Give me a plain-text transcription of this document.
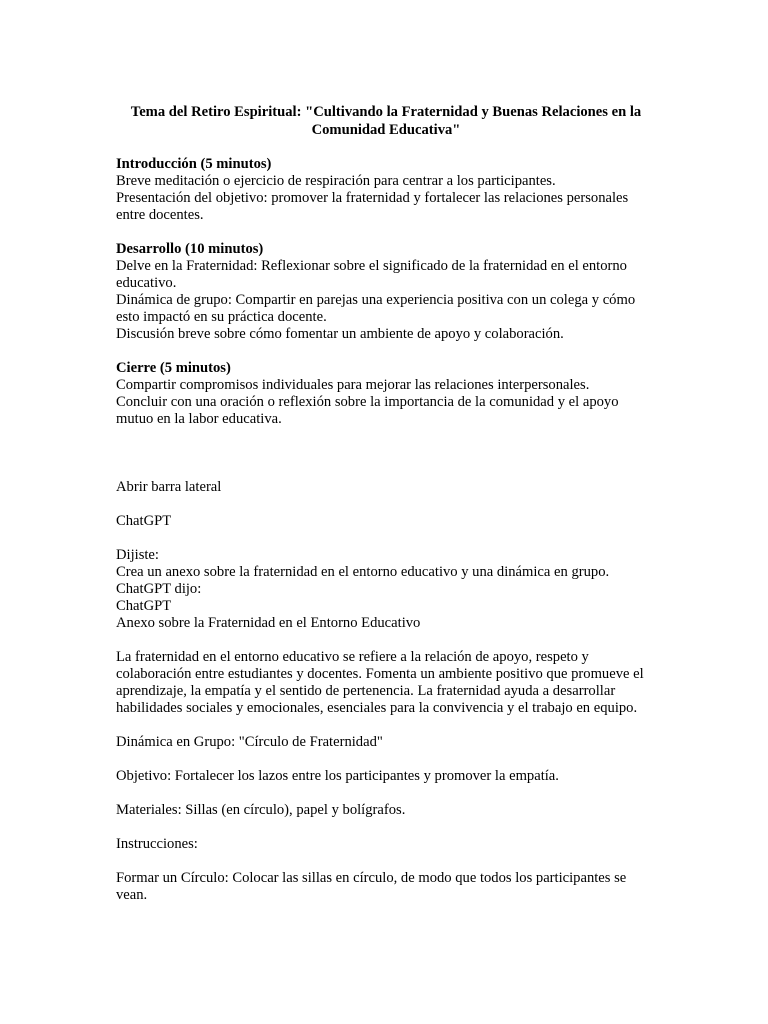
Tema del Retiro Espiritual: "Cultivando la Fraternidad y Buenas Relaciones en la Comunidad Educativa"

Introducción (5 minutos)
Breve meditación o ejercicio de respiración para centrar a los participantes.
Presentación del objetivo: promover la fraternidad y fortalecer las relaciones personales entre docentes.
Desarrollo (10 minutos)
Delve en la Fraternidad: Reflexionar sobre el significado de la fraternidad en el entorno educativo.
Dinámica de grupo: Compartir en parejas una experiencia positiva con un colega y cómo esto impactó en su práctica docente.
Discusión breve sobre cómo fomentar un ambiente de apoyo y colaboración.
Cierre (5 minutos)
Compartir compromisos individuales para mejorar las relaciones interpersonales.
Concluir con una oración o reflexión sobre la importancia de la comunidad y el apoyo mutuo en la labor educativa.
Abrir barra lateral
ChatGPT
Dijiste:
Crea un anexo sobre la fraternidad en el entorno educativo y una dinámica en grupo.
ChatGPT dijo:
ChatGPT
Anexo sobre la Fraternidad en el Entorno Educativo
La fraternidad en el entorno educativo se refiere a la relación de apoyo, respeto y colaboración entre estudiantes y docentes. Fomenta un ambiente positivo que promueve el aprendizaje, la empatía y el sentido de pertenencia. La fraternidad ayuda a desarrollar habilidades sociales y emocionales, esenciales para la convivencia y el trabajo en equipo.
Dinámica en Grupo: "Círculo de Fraternidad"
Objetivo: Fortalecer los lazos entre los participantes y promover la empatía.
Materiales: Sillas (en círculo), papel y bolígrafos.
Instrucciones:
Formar un Círculo: Colocar las sillas en círculo, de modo que todos los participantes se vean.
